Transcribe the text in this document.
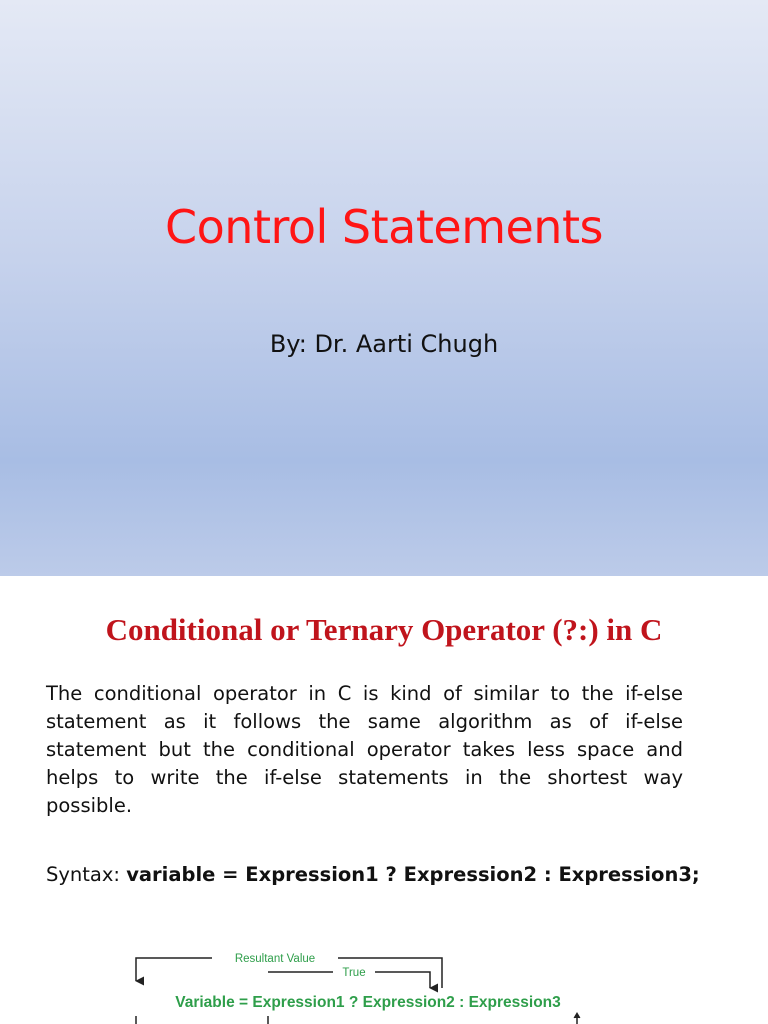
Control Statements
By: Dr. Aarti Chugh
Conditional or Ternary Operator (?:) in C

The conditional operator in C is kind of similar to the if-else statement as it follows the same algorithm as of if-else statement but the conditional operator takes less space and helps to write the if-else statements in the shortest way possible.

Syntax: variable = Expression1 ? Expression2 : Expression3;
Resultant Value
True
Variable = Expression1 ? Expression2 : Expression3
